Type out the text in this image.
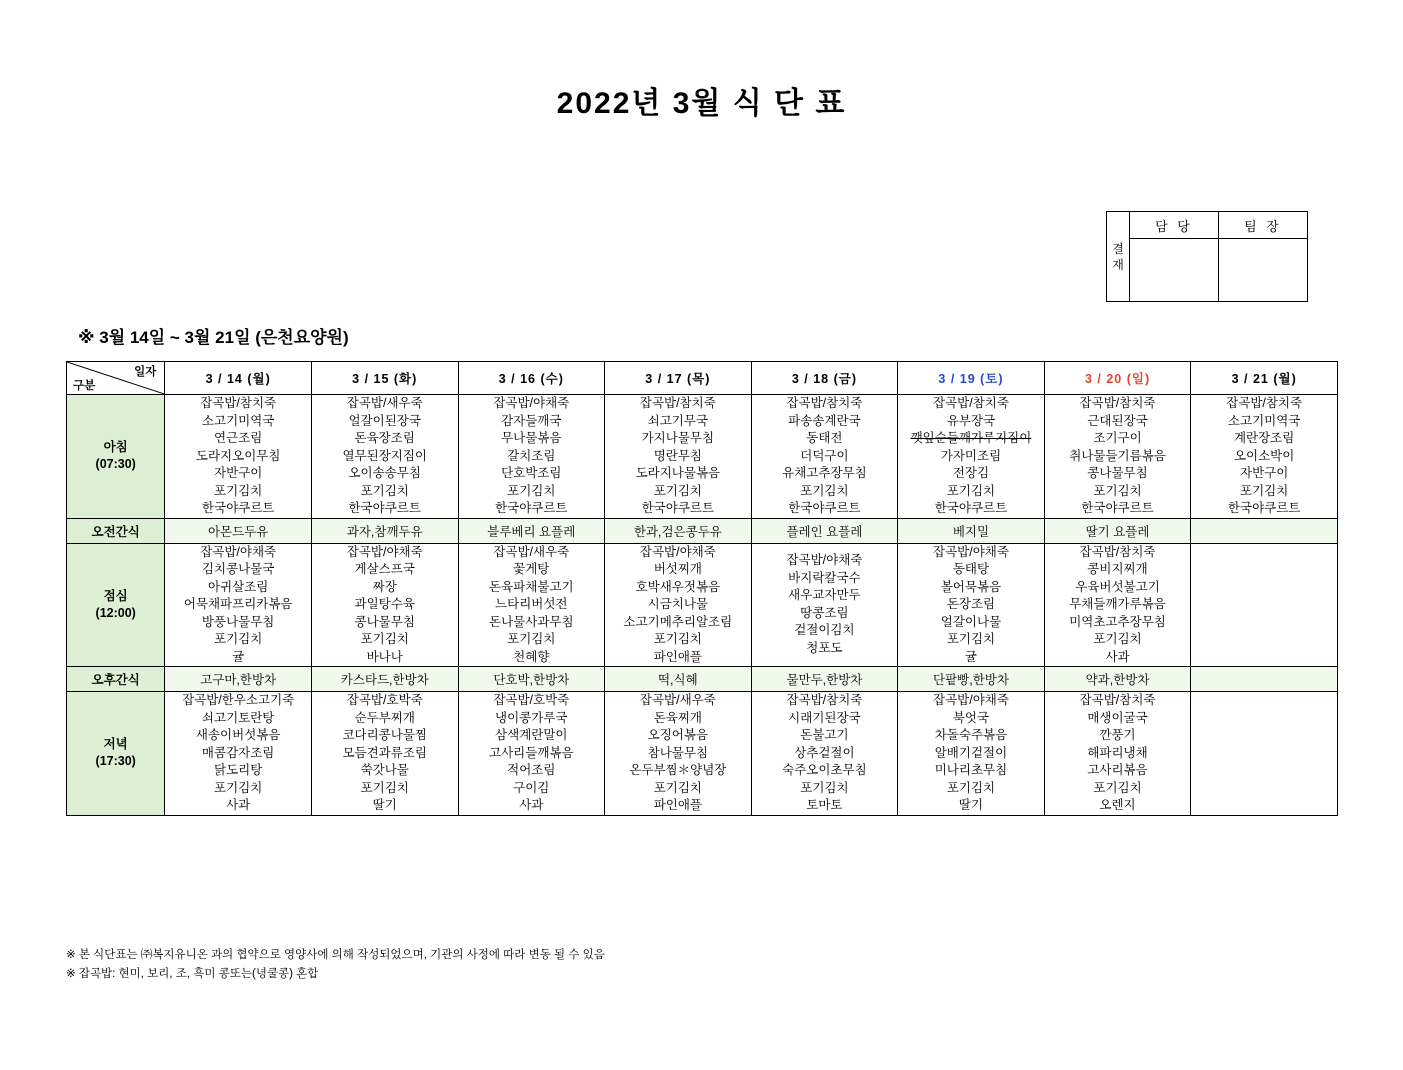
2022년 3월 식 단 표
결재	담 당	팀 장

※ 3월 14일 ~ 3월 21일 (은천요양원)
일자
구분	3 / 14 (월)	3 / 15 (화)	3 / 16 (수)	3 / 17 (목)	3 / 18 (금)	3 / 19 (토)	3 / 20 (일)	3 / 21 (월)

아침
(07:30)
	잡곡밥/참치죽
소고기미역국
연근조림
도라지오이무침
자반구이
포기김치
한국야쿠르트	잡곡밥/새우죽
얼갈이된장국
돈육장조림
열무된장지짐이
오이송송무침
포기김치
한국야쿠르트	잡곡밥/야채죽
감자들깨국
무나물볶음
갈치조림
단호박조림
포기김치
한국야쿠르트	잡곡밥/참치죽
쇠고기무국
가지나물무침
명란무침
도라지나물볶음
포기김치
한국야쿠르트	잡곡밥/참치죽
파송송계란국
동태전
더덕구이
유채고추장무침
포기김치
한국야쿠르트	잡곡밥/참치죽
유부장국
깻잎순들깨가루지짐이
가자미조림
전장김
포기김치
한국야쿠르트	잡곡밥/참치죽
근대된장국
조기구이
취나물들기름볶음
콩나물무침
포기김치
한국야쿠르트	잡곡밥/참치죽
소고기미역국
계란장조림
오이소박이
자반구이
포기김치
한국야쿠르트
오전간식	아몬드두유	과자,참깨두유	블루베리 요플레	한과,검은콩두유	플레인 요플레	베지밀	딸기 요플레	

점심
(12:00)
	잡곡밥/야채죽
김치콩나물국
아귀살조림
어묵채파프리카볶음
방풍나물무침
포기김치
귤	잡곡밥/야채죽
게살스프국
짜장
과일탕수육
콩나물무침
포기김치
바나나	잡곡밥/새우죽
꽃게탕
돈육파채불고기
느타리버섯전
돈나물사과무침
포기김치
천혜향	잡곡밥/야채죽
버섯찌개
호박새우젓볶음
시금치나물
소고기메추리알조림
포기김치
파인애플	잡곡밥/야채죽
바지락칼국수
새우교자만두
땅콩조림
겉절이김치
청포도	잡곡밥/야채죽
동태탕
볼어묵볶음
돈장조림
얼갈이나물
포기김치
귤	잡곡밥/참치죽
콩비지찌개
우육버섯불고기
무채들깨가루볶음
미역초고추장무침
포기김치
사과	
오후간식	고구마,한방차	카스타드,한방차	단호박,한방차	떡,식혜	물만두,한방차	단팥빵,한방차	약과,한방차	

저녁
(17:30)
	잡곡밥/한우소고기죽
쇠고기토란탕
새송이버섯볶음
매콤감자조림
닭도리탕
포기김치
사과	잡곡밥/호박죽
순두부찌개
코다리콩나물찜
모듬견과류조림
쑥갓나물
포기김치
딸기	잡곡밥/호박죽
냉이콩가루국
삼색계란말이
고사리들깨볶음
적어조림
구이김
사과	잡곡밥/새우죽
돈육찌개
오징어볶음
참나물무침
온두부찜＊양념장
포기김치
파인애플	잡곡밥/참치죽
시래기된장국
돈불고기
상추겉절이
숙주오이초무침
포기김치
토마토	잡곡밥/야채죽
북엇국
차돌숙주볶음
알배기겉절이
미나리초무침
포기김치
딸기	잡곡밥/참치죽
매생이굴국
깐풍기
해파리냉채
고사리볶음
포기김치
오렌지	
※ 본 식단표는 ㈜복지유니온 과의 협약으로 영양사에 의해 작성되었으며, 기관의 사정에 따라 변동 될 수 있음
※ 잡곡밥: 현미, 보리, 조, 흑미 콩또는(녕쿨콩) 혼합
